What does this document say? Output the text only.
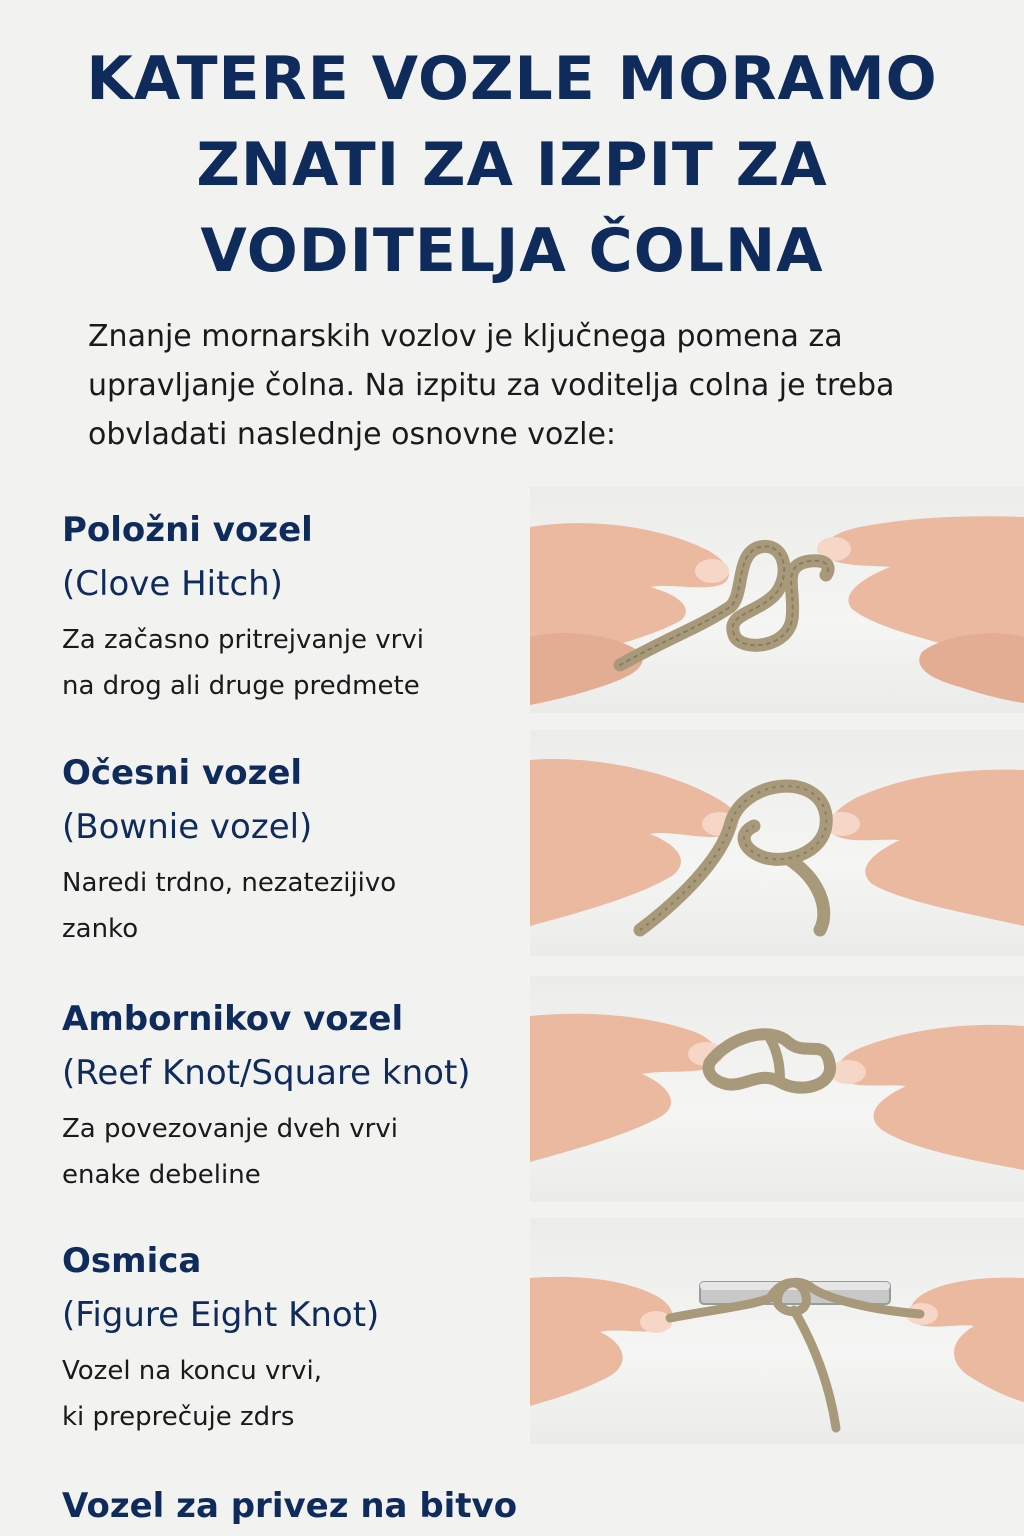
KATERE VOZLE MORAMO
ZNATI ZA IZPIT ZA
VODITELJA ČOLNA

Znanje mornarskih vozlov je ključnega pomena za
upravljanje čolna. Na izpitu za voditelja colna je treba
obvladati naslednje osnovne vozle:

Položni vozel
(Clove Hitch)
Za začasno pritrejvanje vrvi
na drog ali druge predmete
Očesni vozel
(Bownie vozel)
Naredi trdno, nezatezijivo
zanko
Ambornikov vozel
(Reef Knot/Square knot)
Za povezovanje dveh vrvi
enake debeline
Osmica
(Figure Eight Knot)
Vozel na koncu vrvi,
ki preprečuje zdrs
Vozel za privez na bitvo
